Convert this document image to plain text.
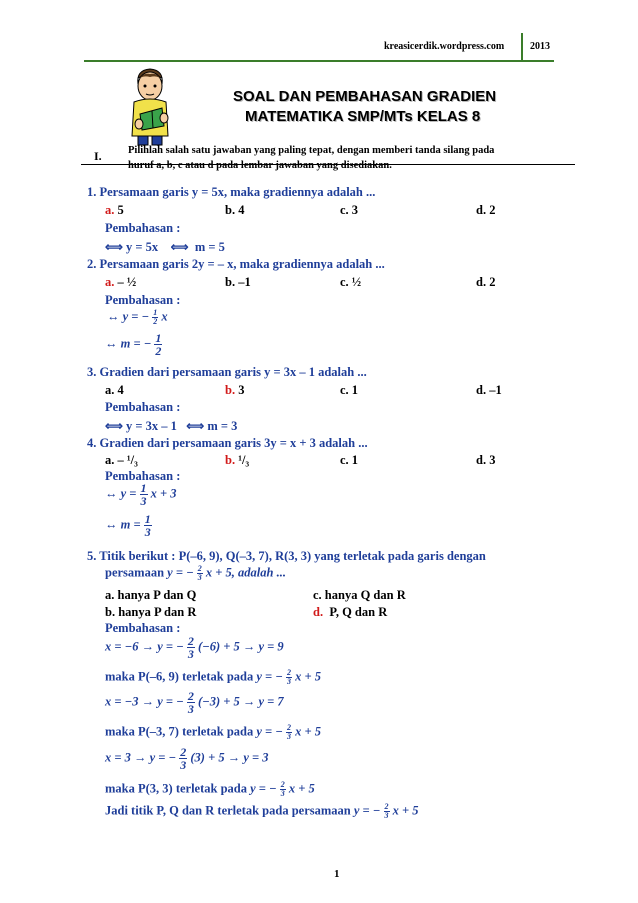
kreasicerdik.wordpress.com	2013
SOAL DAN PEMBAHASAN GRADIEN
MATEMATIKA SMP/MTs KELAS 8
I.	Pilihlah salah satu jawaban yang paling tepat, dengan memberi tanda silang pada
huruf a, b, c atau d pada lembar jawaban yang disediakan.
1. Persamaan garis y = 5x, maka gradiennya adalah ...
a. 5	b. 4	c. 3	d. 2
Pembahasan :
⟺ y = 5x    ⟺  m = 5
2. Persamaan garis 2y = – x, maka gradiennya adalah ...
a. – ½	b. –1	c. ½	d. 2
Pembahasan :
↔ y = − $\frac{1}{2}$ x
↔ m = − $\frac{1}{2}$
3. Gradien dari persamaan garis y = 3x – 1 adalah ...
a. 4	b. 3	c. 1	d. –1
Pembahasan :
⟺ y = 3x – 1   ⟺ m = 3
4. Gradien dari persamaan garis 3y = x + 3 adalah ...
a. – ¹/₃	b. ¹/₃	c. 1	d. 3
Pembahasan :
↔ $y = \frac{1}{3}$ x + 3
↔ $m = \frac{1}{3}$
5. Titik berikut : P(–6, 9), Q(–3, 7), R(3, 3) yang terletak pada garis dengan
persamaan y = − $\frac{2}{3}$ x + 5, adalah ...
a. hanya P dan Q
b. hanya P dan R
c. hanya Q dan R
d. P, Q dan R
Pembahasan :
x = −6 → y = − $\frac{2}{3} (-6) + 5 \to y = 9$
maka P(–6, 9) terletak pada y = − $\frac{2}{3}$ x + 5
x = −3 → y = − $\frac{2}{3} (-3) + 5 \to y = 7$
maka P(–3, 7) terletak pada y = − $\frac{2}{3}$ x + 5
x = 3 → y = − $\frac{2}{3} (3) + 5 \to y = 3$
maka P(3, 3) terletak pada y = − $\frac{2}{3}$ x + 5
Jadi titik P, Q dan R terletak pada persamaan y = − $\frac{2}{3}$ x + 5
1
